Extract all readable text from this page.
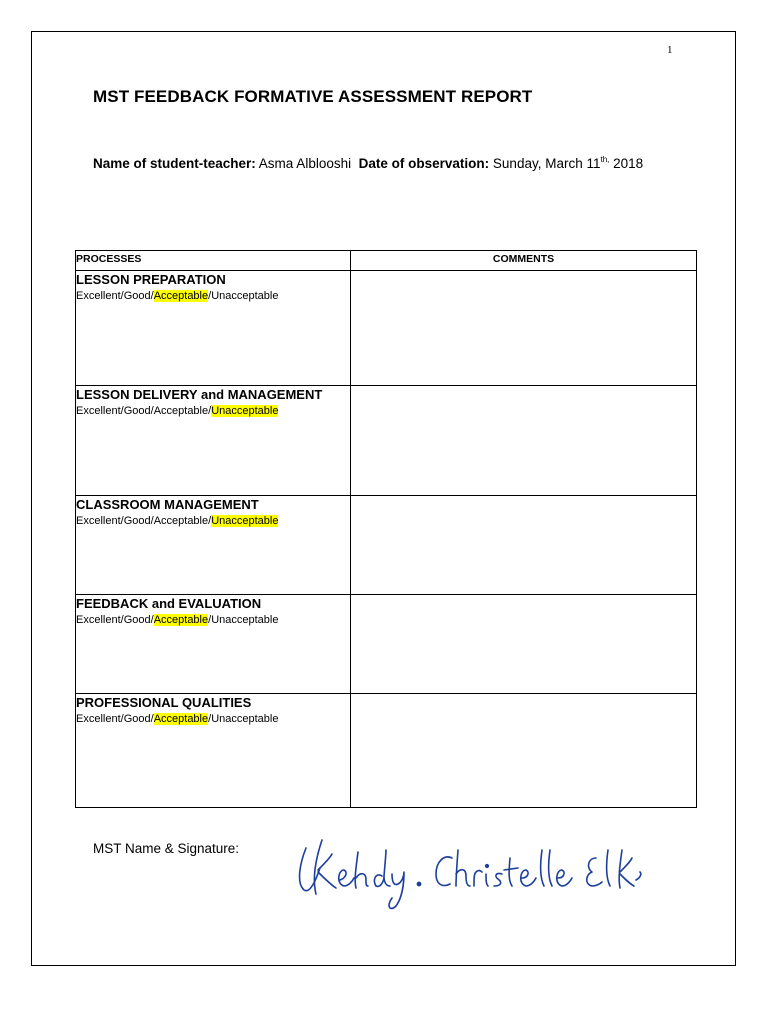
1
MST FEEDBACK FORMATIVE ASSESSMENT REPORT
Name of student-teacher: Asma Alblooshi Date of observation: Sunday, March $11^{th,}$ 2018
PROCESSES	COMMENTS

LESSON PREPARATION
Excellent/Good/Acceptable/Unacceptable	

LESSON DELIVERY and MANAGEMENT
Excellent/Good/Acceptable/Unacceptable	

CLASSROOM MANAGEMENT
Excellent/Good/Acceptable/Unacceptable	

FEEDBACK and EVALUATION
Excellent/Good/Acceptable/Unacceptable	

PROFESSIONAL QUALITIES
Excellent/Good/Acceptable/Unacceptable	

MST Name & Signature:
